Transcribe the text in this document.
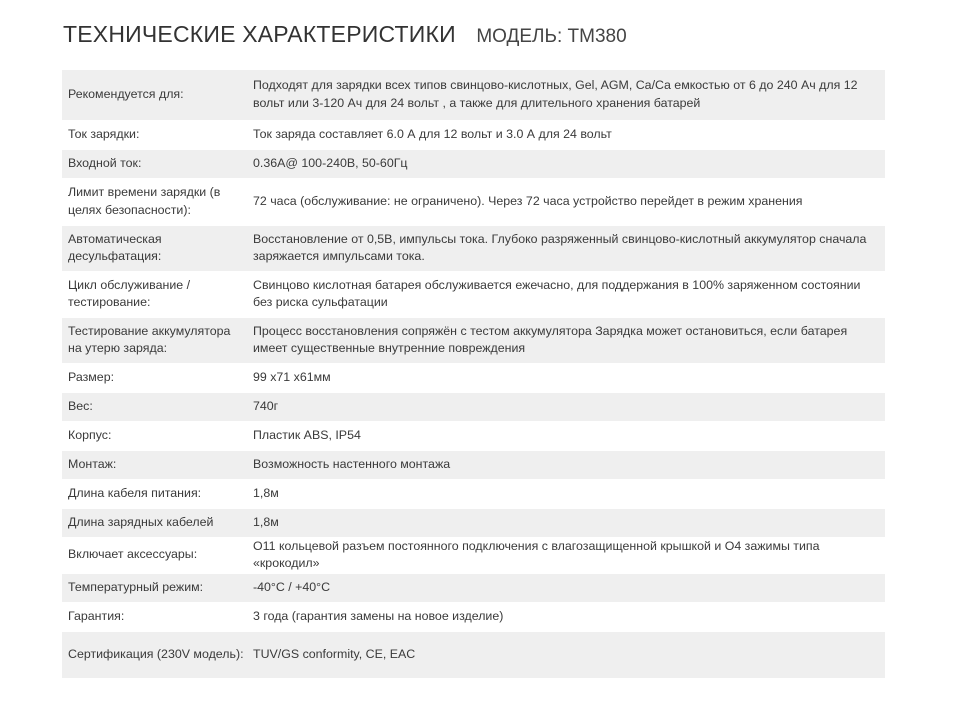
ТЕХНИЧЕСКИЕ ХАРАКТЕРИСТИКИ МОДЕЛЬ: ТМ380
Рекомендуется для:	Подходят для зарядки всех типов свинцово-кислотных, Gel, AGM, Ca/Ca емкостью от 6 до 240 Ач для 12 вольт или 3-120 Ач для 24 вольт , а также для длительного хранения батарей
Ток зарядки:	Ток заряда составляет 6.0 А для 12 вольт и 3.0 А для 24 вольт
Входной ток:	0.36A@ 100-240В, 50-60Гц
Лимит времени зарядки (в целях безопасности):	72 часа (обслуживание: не ограничено). Через 72 часа устройство перейдет в режим хранения
Автоматическая десульфатация:	Восстановление от 0,5В, импульсы тока. Глубоко разряженный свинцово-кислотный аккумулятор сначала заряжается импульсами тока.
Цикл обслуживание / тестирование:	Свинцово кислотная батарея обслуживается ежечасно, для поддержания в 100% заряженном состоянии без риска сульфатации
Тестирование аккумулятора на утерю заряда:	Процесс восстановления сопряжён с тестом аккумулятора Зарядка может остановиться, если батарея имеет существенные внутренние повреждения
Размер:	99 x71 x61мм
Вес:	740г
Корпус:	Пластик ABS, IP54
Монтаж:	Возможность настенного монтажа
Длина кабеля питания:	1,8м
Длина зарядных кабелей	1,8м
Включает аксессуары:	О11 кольцевой разъем постоянного подключения с влагозащищенной крышкой и О4 зажимы типа «крокодил»
Температурный режим:	-40°C / +40°C
Гарантия:	3 года (гарантия замены на новое изделие)
Сертификация (230V модель):	TUV/GS conformity, CE, EAC
